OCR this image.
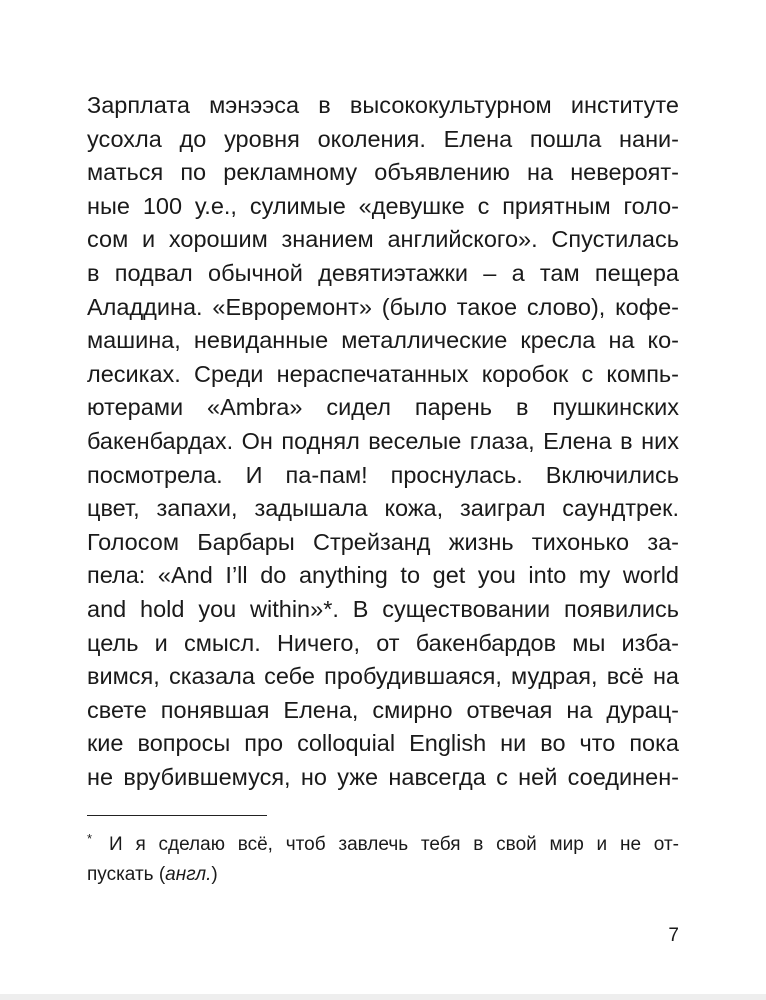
Зарплата мэнээса в высококультурном институте
усохла до уровня околения. Елена пошла нани-
маться по рекламному объявлению на невероят-
ные 100 у.е., сулимые «девушке с приятным голо-
сом и хорошим знанием английского». Спустилась
в подвал обычной девятиэтажки – а там пещера
Аладдина. «Евроремонт» (было такое слово), кофе-
машина, невиданные металлические кресла на ко-
лесиках. Среди нераспечатанных коробок с компь-
ютерами «Ambra» сидел парень в пушкинских
бакенбардах. Он поднял веселые глаза, Елена в них
посмотрела. И па-пам! проснулась. Включились
цвет, запахи, задышала кожа, заиграл саундтрек.
Голосом Барбары Стрейзанд жизнь тихонько за-
пела: «And I’ll do anything to get you into my world
and hold you within»*. В существовании появились
цель и смысл. Ничего, от бакенбардов мы изба-
вимся, сказала себе пробудившаяся, мудрая, всё на
свете понявшая Елена, смирно отвечая на дурац-
кие вопросы про colloquial English ни во что пока
не врубившемуся, но уже навсегда с ней соединен-
* И я сделаю всё, чтоб завлечь тебя в свой мир и не от-
пускать (англ.)
7
